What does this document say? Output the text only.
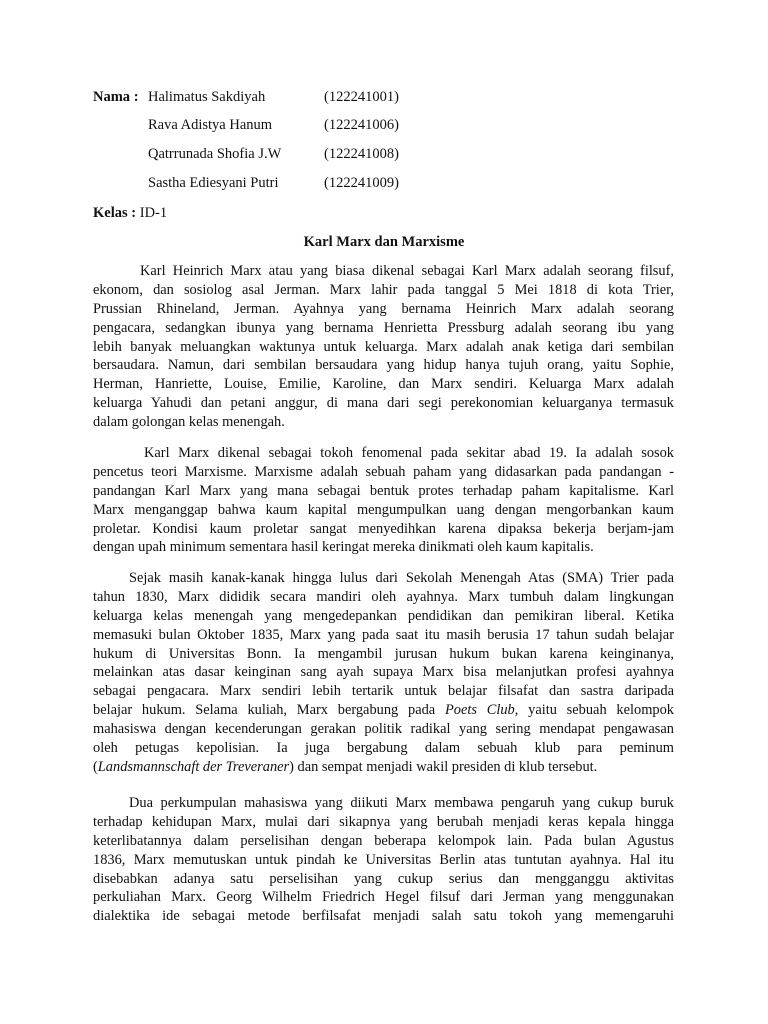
Nama : Halimatus Sakdiyah	(122241001)
Rava Adistya Hanum	(122241006)
Qatrrunada Shofia J.W	(122241008)
Sastha Ediesyani Putri	(122241009)
Kelas : ID-1
Karl Marx dan Marxisme
Karl Heinrich Marx atau yang biasa dikenal sebagai Karl Marx adalah seorang filsuf,
ekonom, dan sosiolog asal Jerman. Marx lahir pada tanggal 5 Mei 1818 di kota Trier,
Prussian Rhineland, Jerman. Ayahnya yang bernama Heinrich Marx adalah seorang
pengacara, sedangkan ibunya yang bernama Henrietta Pressburg adalah seorang ibu yang
lebih banyak meluangkan waktunya untuk keluarga. Marx adalah anak ketiga dari sembilan
bersaudara. Namun, dari sembilan bersaudara yang hidup hanya tujuh orang, yaitu Sophie,
Herman, Hanriette, Louise, Emilie, Karoline, dan Marx sendiri. Keluarga Marx adalah
keluarga Yahudi dan petani anggur, di mana dari segi perekonomian keluarganya termasuk
dalam golongan kelas menengah.
Karl Marx dikenal sebagai tokoh fenomenal pada sekitar abad 19. Ia adalah sosok
pencetus teori Marxisme. Marxisme adalah sebuah paham yang didasarkan pada pandangan -
pandangan Karl Marx yang mana sebagai bentuk protes terhadap paham kapitalisme. Karl
Marx menganggap bahwa kaum kapital mengumpulkan uang dengan mengorbankan kaum
proletar. Kondisi kaum proletar sangat menyedihkan karena dipaksa bekerja berjam-jam
dengan upah minimum sementara hasil keringat mereka dinikmati oleh kaum kapitalis.
Sejak masih kanak-kanak hingga lulus dari Sekolah Menengah Atas (SMA) Trier pada
tahun 1830, Marx dididik secara mandiri oleh ayahnya. Marx tumbuh dalam lingkungan
keluarga kelas menengah yang mengedepankan pendidikan dan pemikiran liberal. Ketika
memasuki bulan Oktober 1835, Marx yang pada saat itu masih berusia 17 tahun sudah belajar
hukum di Universitas Bonn. Ia mengambil jurusan hukum bukan karena keinginanya,
melainkan atas dasar keinginan sang ayah supaya Marx bisa melanjutkan profesi ayahnya
sebagai pengacara. Marx sendiri lebih tertarik untuk belajar filsafat dan sastra daripada
belajar hukum. Selama kuliah, Marx bergabung pada Poets Club, yaitu sebuah kelompok
mahasiswa dengan kecenderungan gerakan politik radikal yang sering mendapat pengawasan
oleh petugas kepolisian. Ia juga bergabung dalam sebuah klub para peminum
(Landsmannschaft der Treveraner) dan sempat menjadi wakil presiden di klub tersebut.
Dua perkumpulan mahasiswa yang diikuti Marx membawa pengaruh yang cukup buruk
terhadap kehidupan Marx, mulai dari sikapnya yang berubah menjadi keras kepala hingga
keterlibatannya dalam perselisihan dengan beberapa kelompok lain. Pada bulan Agustus
1836, Marx memutuskan untuk pindah ke Universitas Berlin atas tuntutan ayahnya. Hal itu
disebabkan adanya satu perselisihan yang cukup serius dan mengganggu aktivitas
perkuliahan Marx. Georg Wilhelm Friedrich Hegel filsuf dari Jerman yang menggunakan
dialektika ide sebagai metode berfilsafat menjadi salah satu tokoh yang memengaruhi
